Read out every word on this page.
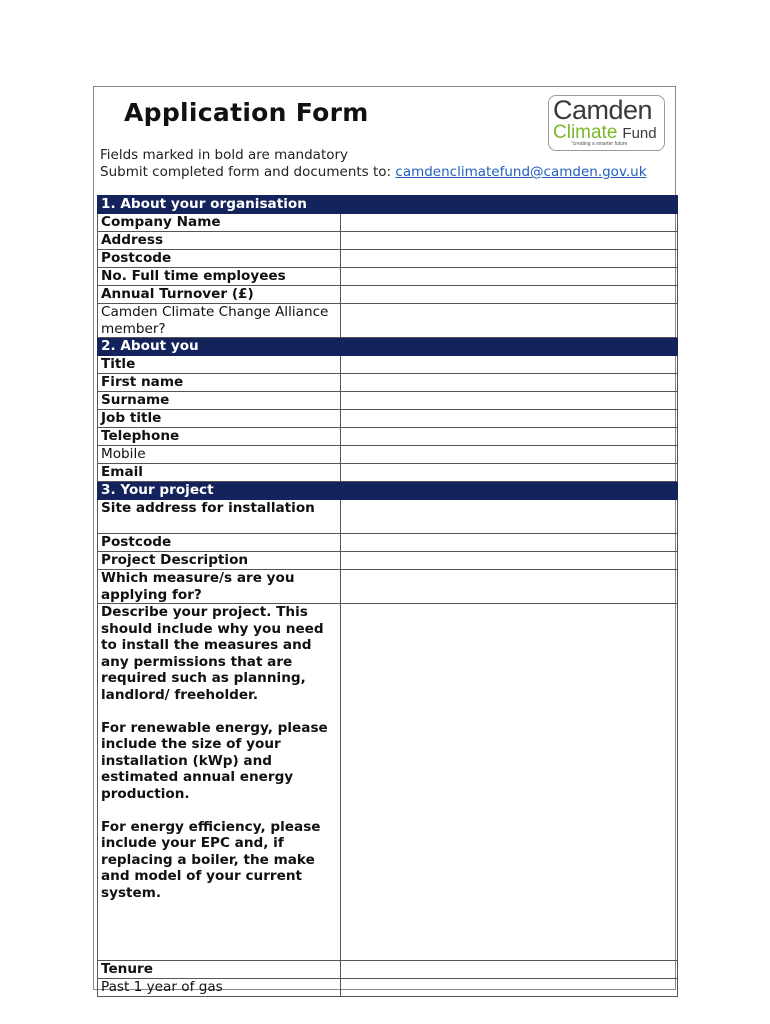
Application Form	Camden
Climate Fund
"creating a smarter future
Fields marked in bold are mandatory
Submit completed form and documents to: camdenclimatefund@camden.gov.uk
1. About your organisation	
Company Name	
Address	
Postcode	
No. Full time employees	
Annual Turnover (£)	
Camden Climate Change Alliance member?	
2. About you	
Title	
First name	
Surname	
Job title	
Telephone	
Mobile	
Email	
3. Your project	
Site address for installation	
Postcode	
Project Description	
Which measure/s are you applying for?	

Describe your project. This should include why you need to install the measures and any permissions that are required such as planning, landlord/ freeholder.
For renewable energy, please include the size of your installation (kWp) and estimated annual energy production.
For energy efficiency, please include your EPC and, if replacing a boiler, the make and model of your current system.

Tenure	
Past 1 year of gas	
